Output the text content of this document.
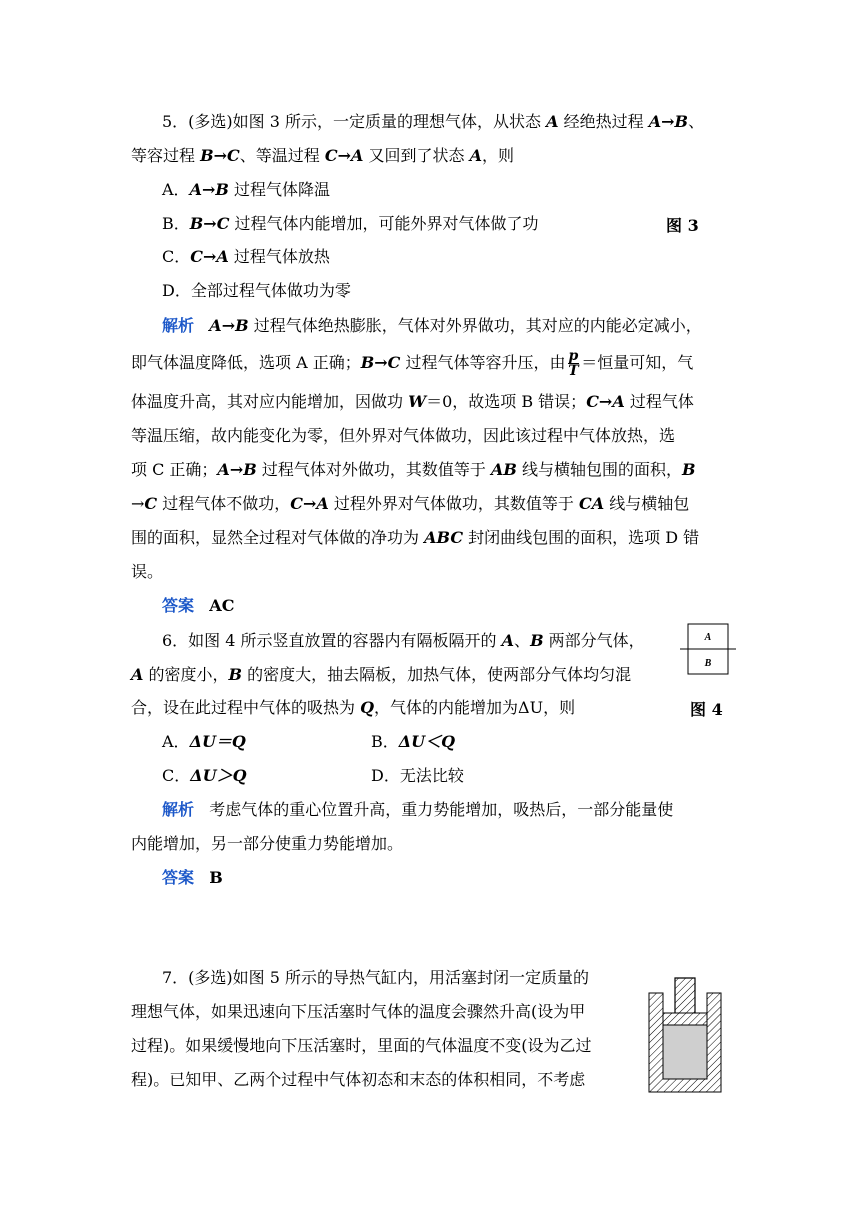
5．(多选)如图 3 所示，一定质量的理想气体，从状态 A 经绝热过程 A→B、
等容过程 B→C、等温过程 C→A 又回到了状态 A，则
A．A→B 过程气体降温
B．B→C 过程气体内能增加，可能外界对气体做了功	图 3
C．C→A 过程气体放热
D．全部过程气体做功为零
解析 A→B 过程气体绝热膨胀，气体对外界做功，其对应的内能必定减小，
即气体温度降低，选项 A 正确；B→C 过程气体等容升压，由 $\frac{p}{T}$ ＝恒量可知，气
体温度升高，其对应内能增加，因做功 W＝0，故选项 B 错误；C→A 过程气体
等温压缩，故内能变化为零，但外界对气体做功，因此该过程中气体放热，选
项 C 正确；A→B 过程气体对外做功，其数值等于 AB 线与横轴包围的面积，B
→C 过程气体不做功，C→A 过程外界对气体做功，其数值等于 CA 线与横轴包
围的面积，显然全过程对气体做的净功为 ABC 封闭曲线包围的面积，选项 D 错
误。
答案 AC
6．如图 4 所示竖直放置的容器内有隔板隔开的 A、B 两部分气体，
A 的密度小，B 的密度大，抽去隔板，加热气体，使两部分气体均匀混
合，设在此过程中气体的吸热为 Q，气体的内能增加为ΔU，则	图 4
A
B
A．ΔU＝Q	B．ΔU＜Q
C．ΔU＞Q	D．无法比较
解析 考虑气体的重心位置升高，重力势能增加，吸热后，一部分能量使
内能增加，另一部分使重力势能增加。
答案 B
7．(多选)如图 5 所示的导热气缸内，用活塞封闭一定质量的
理想气体，如果迅速向下压活塞时气体的温度会骤然升高(设为甲
过程)。如果缓慢地向下压活塞时，里面的气体温度不变(设为乙过
程)。已知甲、乙两个过程中气体初态和末态的体积相同，不考虑
